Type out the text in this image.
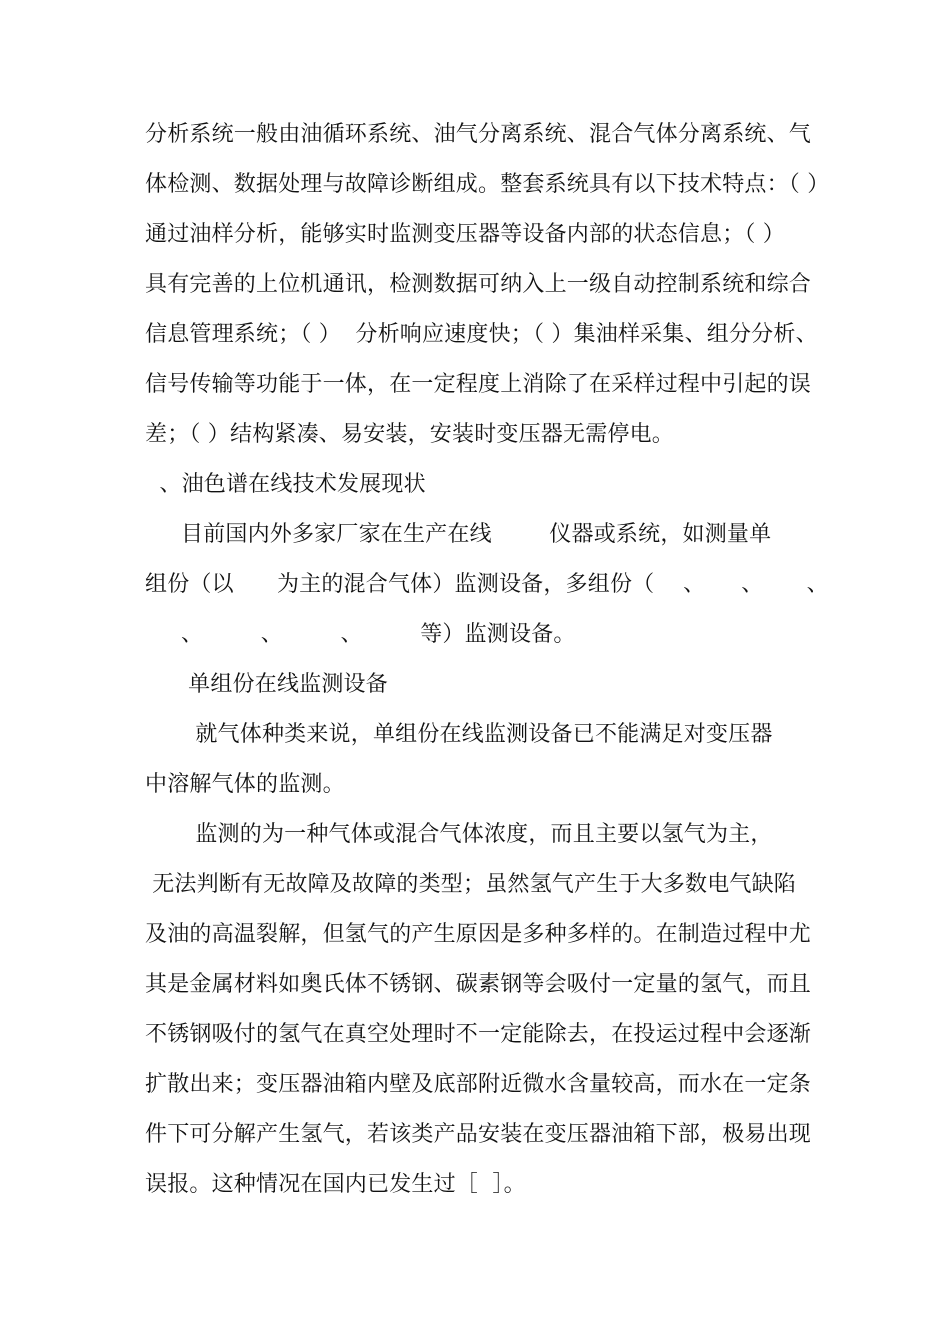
分析系统一般由油循环系统、油气分离系统、混合气体分离系统、气
体检测、数据处理与故障诊断组成。整套系统具有以下技术特点：（ ）
通过油样分析，能够实时监测变压器等设备内部的状态信息；（ ）
具有完善的上位机通讯，检测数据可纳入上一级自动控制系统和综合
信息管理系统；（ ）  分析响应速度快；（ ）集油样采集、组分分析、
信号传输等功能于一体，在一定程度上消除了在采样过程中引起的误
差；（ ）结构紧凑、易安装，安装时变压器无需停电。
、油色谱在线技术发展现状
目前国内外多家厂家在生产在线        仪器或系统，如测量单
组份（以      为主的混合气体）监测设备，多组份（    、     、      、
、        、        、        等）监测设备。
单组份在线监测设备
就气体种类来说，单组份在线监测设备已不能满足对变压器
中溶解气体的监测。
监测的为一种气体或混合气体浓度，而且主要以氢气为主，
无法判断有无故障及故障的类型；虽然氢气产生于大多数电气缺陷
及油的高温裂解，但氢气的产生原因是多种多样的。在制造过程中尤
其是金属材料如奥氏体不锈钢、碳素钢等会吸付一定量的氢气，而且
不锈钢吸付的氢气在真空处理时不一定能除去，在投运过程中会逐渐
扩散出来；变压器油箱内壁及底部附近微水含量较高，而水在一定条
件下可分解产生氢气，若该类产品安装在变压器油箱下部，极易出现
误报。这种情况在国内已发生过［  ］。
